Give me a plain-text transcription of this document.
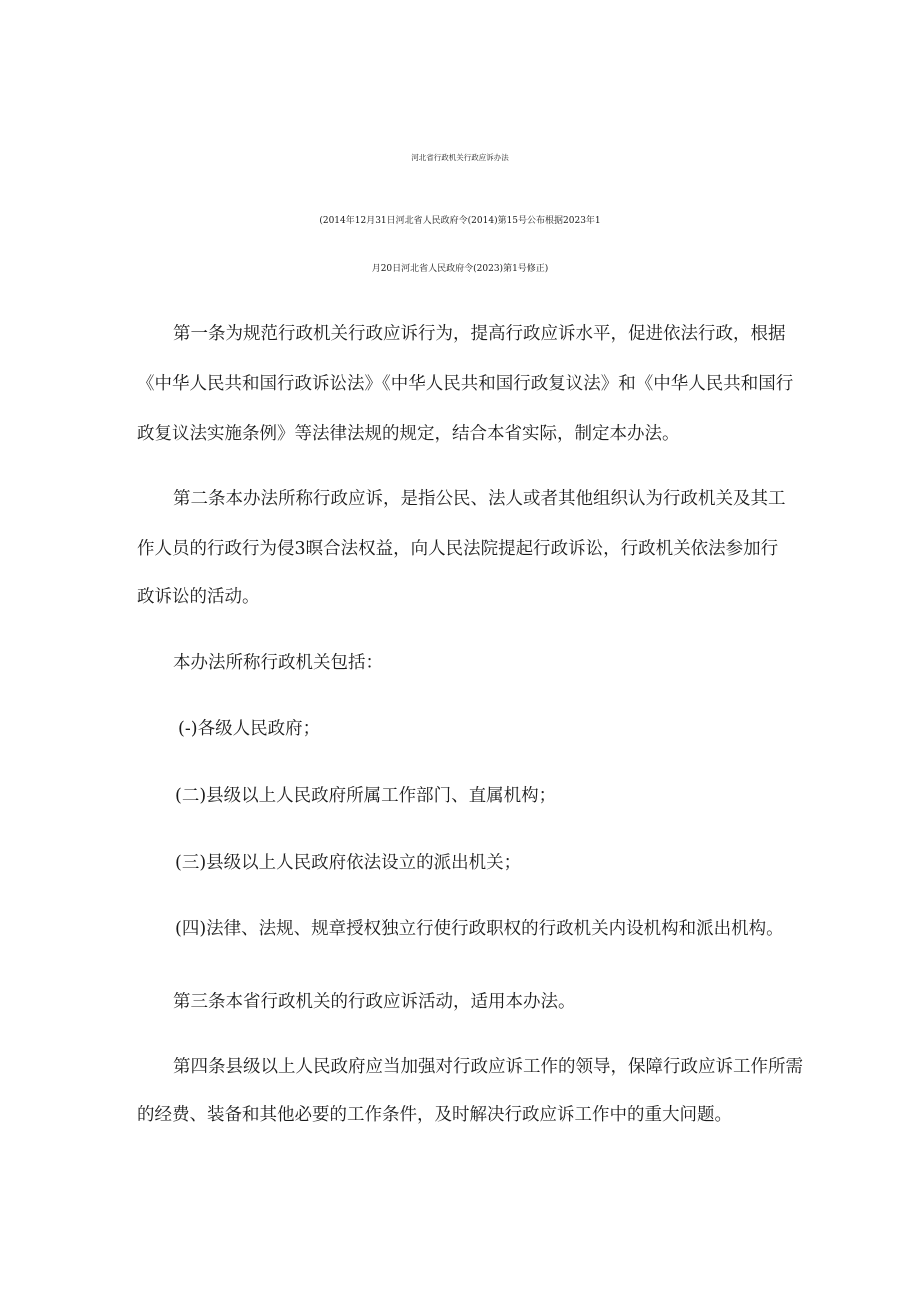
河北省行政机关行政应诉办法
(2014年12月31日河北省人民政府令(2014)第15号公布根据2023年1
月20日河北省人民政府令(2023)第1号修正)
第一条为规范行政机关行政应诉行为，提高行政应诉水平，促进依法行政，根据
《中华人民共和国行政诉讼法》《中华人民共和国行政复议法》和《中华人民共和国行
政复议法实施条例》等法律法规的规定，结合本省实际，制定本办法。
第二条本办法所称行政应诉，是指公民、法人或者其他组织认为行政机关及其工
作人员的行政行为侵3暝合法权益，向人民法院提起行政诉讼，行政机关依法参加行
政诉讼的活动。
本办法所称行政机关包括：
(-)各级人民政府；
(二)县级以上人民政府所属工作部门、直属机构；
(三)县级以上人民政府依法设立的派出机关；
(四)法律、法规、规章授权独立行使行政职权的行政机关内设机构和派出机构。
第三条本省行政机关的行政应诉活动，适用本办法。
第四条县级以上人民政府应当加强对行政应诉工作的领导，保障行政应诉工作所需
的经费、装备和其他必要的工作条件，及时解决行政应诉工作中的重大问题。
